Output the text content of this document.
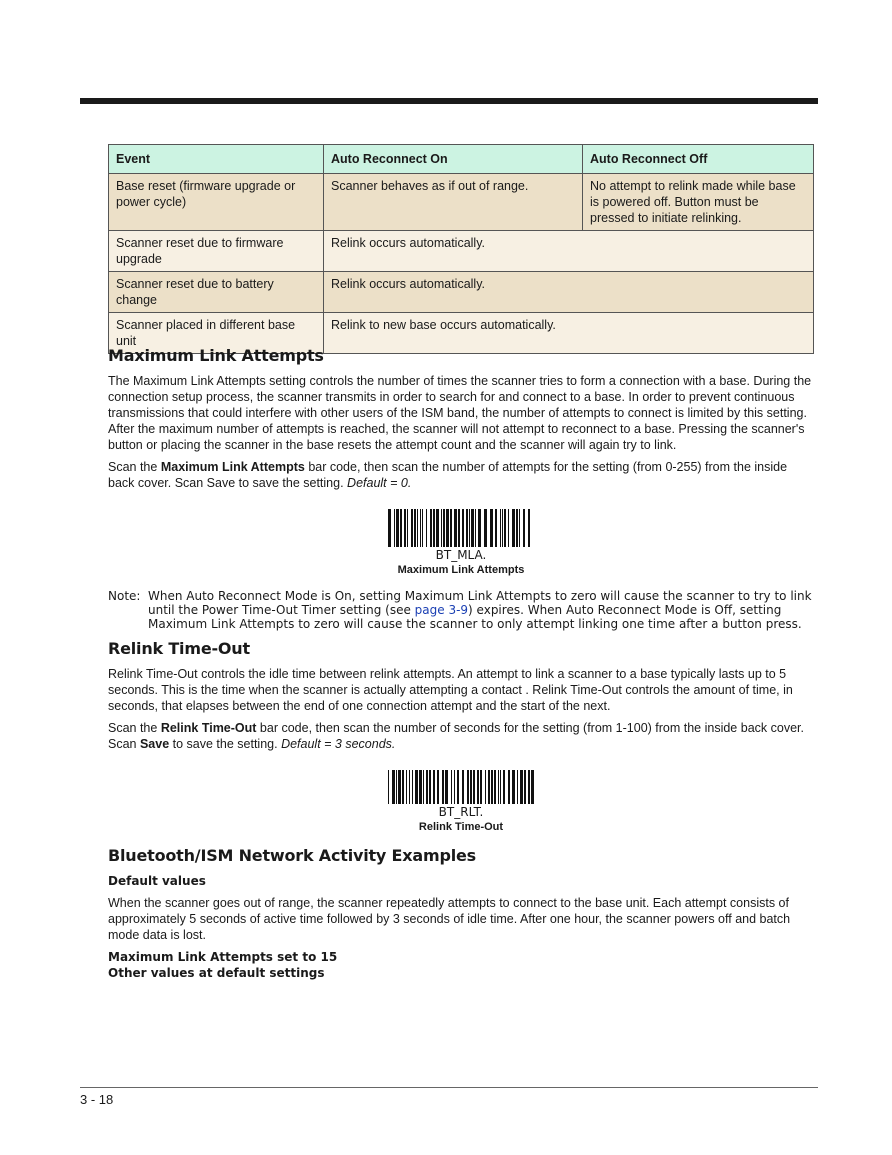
Event	Auto Reconnect On	Auto Reconnect Off
Base reset (firmware upgrade or power cycle)	Scanner behaves as if out of range.	No attempt to relink made while base is powered off. Button must be pressed to initiate relinking.
Scanner reset due to firmware upgrade	Relink occurs automatically.	
Scanner reset due to battery change	Relink occurs automatically.	
Scanner placed in different base unit	Relink to new base occurs automatically.	
Maximum Link Attempts

The Maximum Link Attempts setting controls the number of times the scanner tries to form a connection with a base. During the connection setup process, the scanner transmits in order to search for and connect to a base. In order to prevent continuous transmissions that could interfere with other users of the ISM band, the number of attempts to connect is limited by this setting. After the maximum number of attempts is reached, the scanner will not attempt to reconnect to a base. Pressing the scanner's button or placing the scanner in the base resets the attempt count and the scanner will again try to link.

Scan the Maximum Link Attempts bar code, then scan the number of attempts for the setting (from 0-255) from the inside back cover. Scan Save to save the setting. Default = 0.

BT_MLA.
Maximum Link Attempts
Note: When Auto Reconnect Mode is On, setting Maximum Link Attempts to zero will cause the scanner to try to link until the Power Time-Out Timer setting (see page 3-9) expires. When Auto Reconnect Mode is Off, setting Maximum Link Attempts to zero will cause the scanner to only attempt linking one time after a button press.
Relink Time-Out

Relink Time-Out controls the idle time between relink attempts. An attempt to link a scanner to a base typically lasts up to 5 seconds. This is the time when the scanner is actually attempting a contact . Relink Time-Out controls the amount of time, in seconds, that elapses between the end of one connection attempt and the start of the next.

Scan the Relink Time-Out bar code, then scan the number of seconds for the setting (from 1-100) from the inside back cover. Scan Save to save the setting. Default = 3 seconds.

BT_RLT.
Relink Time-Out
Bluetooth/ISM Network Activity Examples
Default values

When the scanner goes out of range, the scanner repeatedly attempts to connect to the base unit. Each attempt consists of approximately 5 seconds of active time followed by 3 seconds of idle time. After one hour, the scanner powers off and batch mode data is lost.

Maximum Link Attempts set to 15
Other values at default settings
3 - 18
